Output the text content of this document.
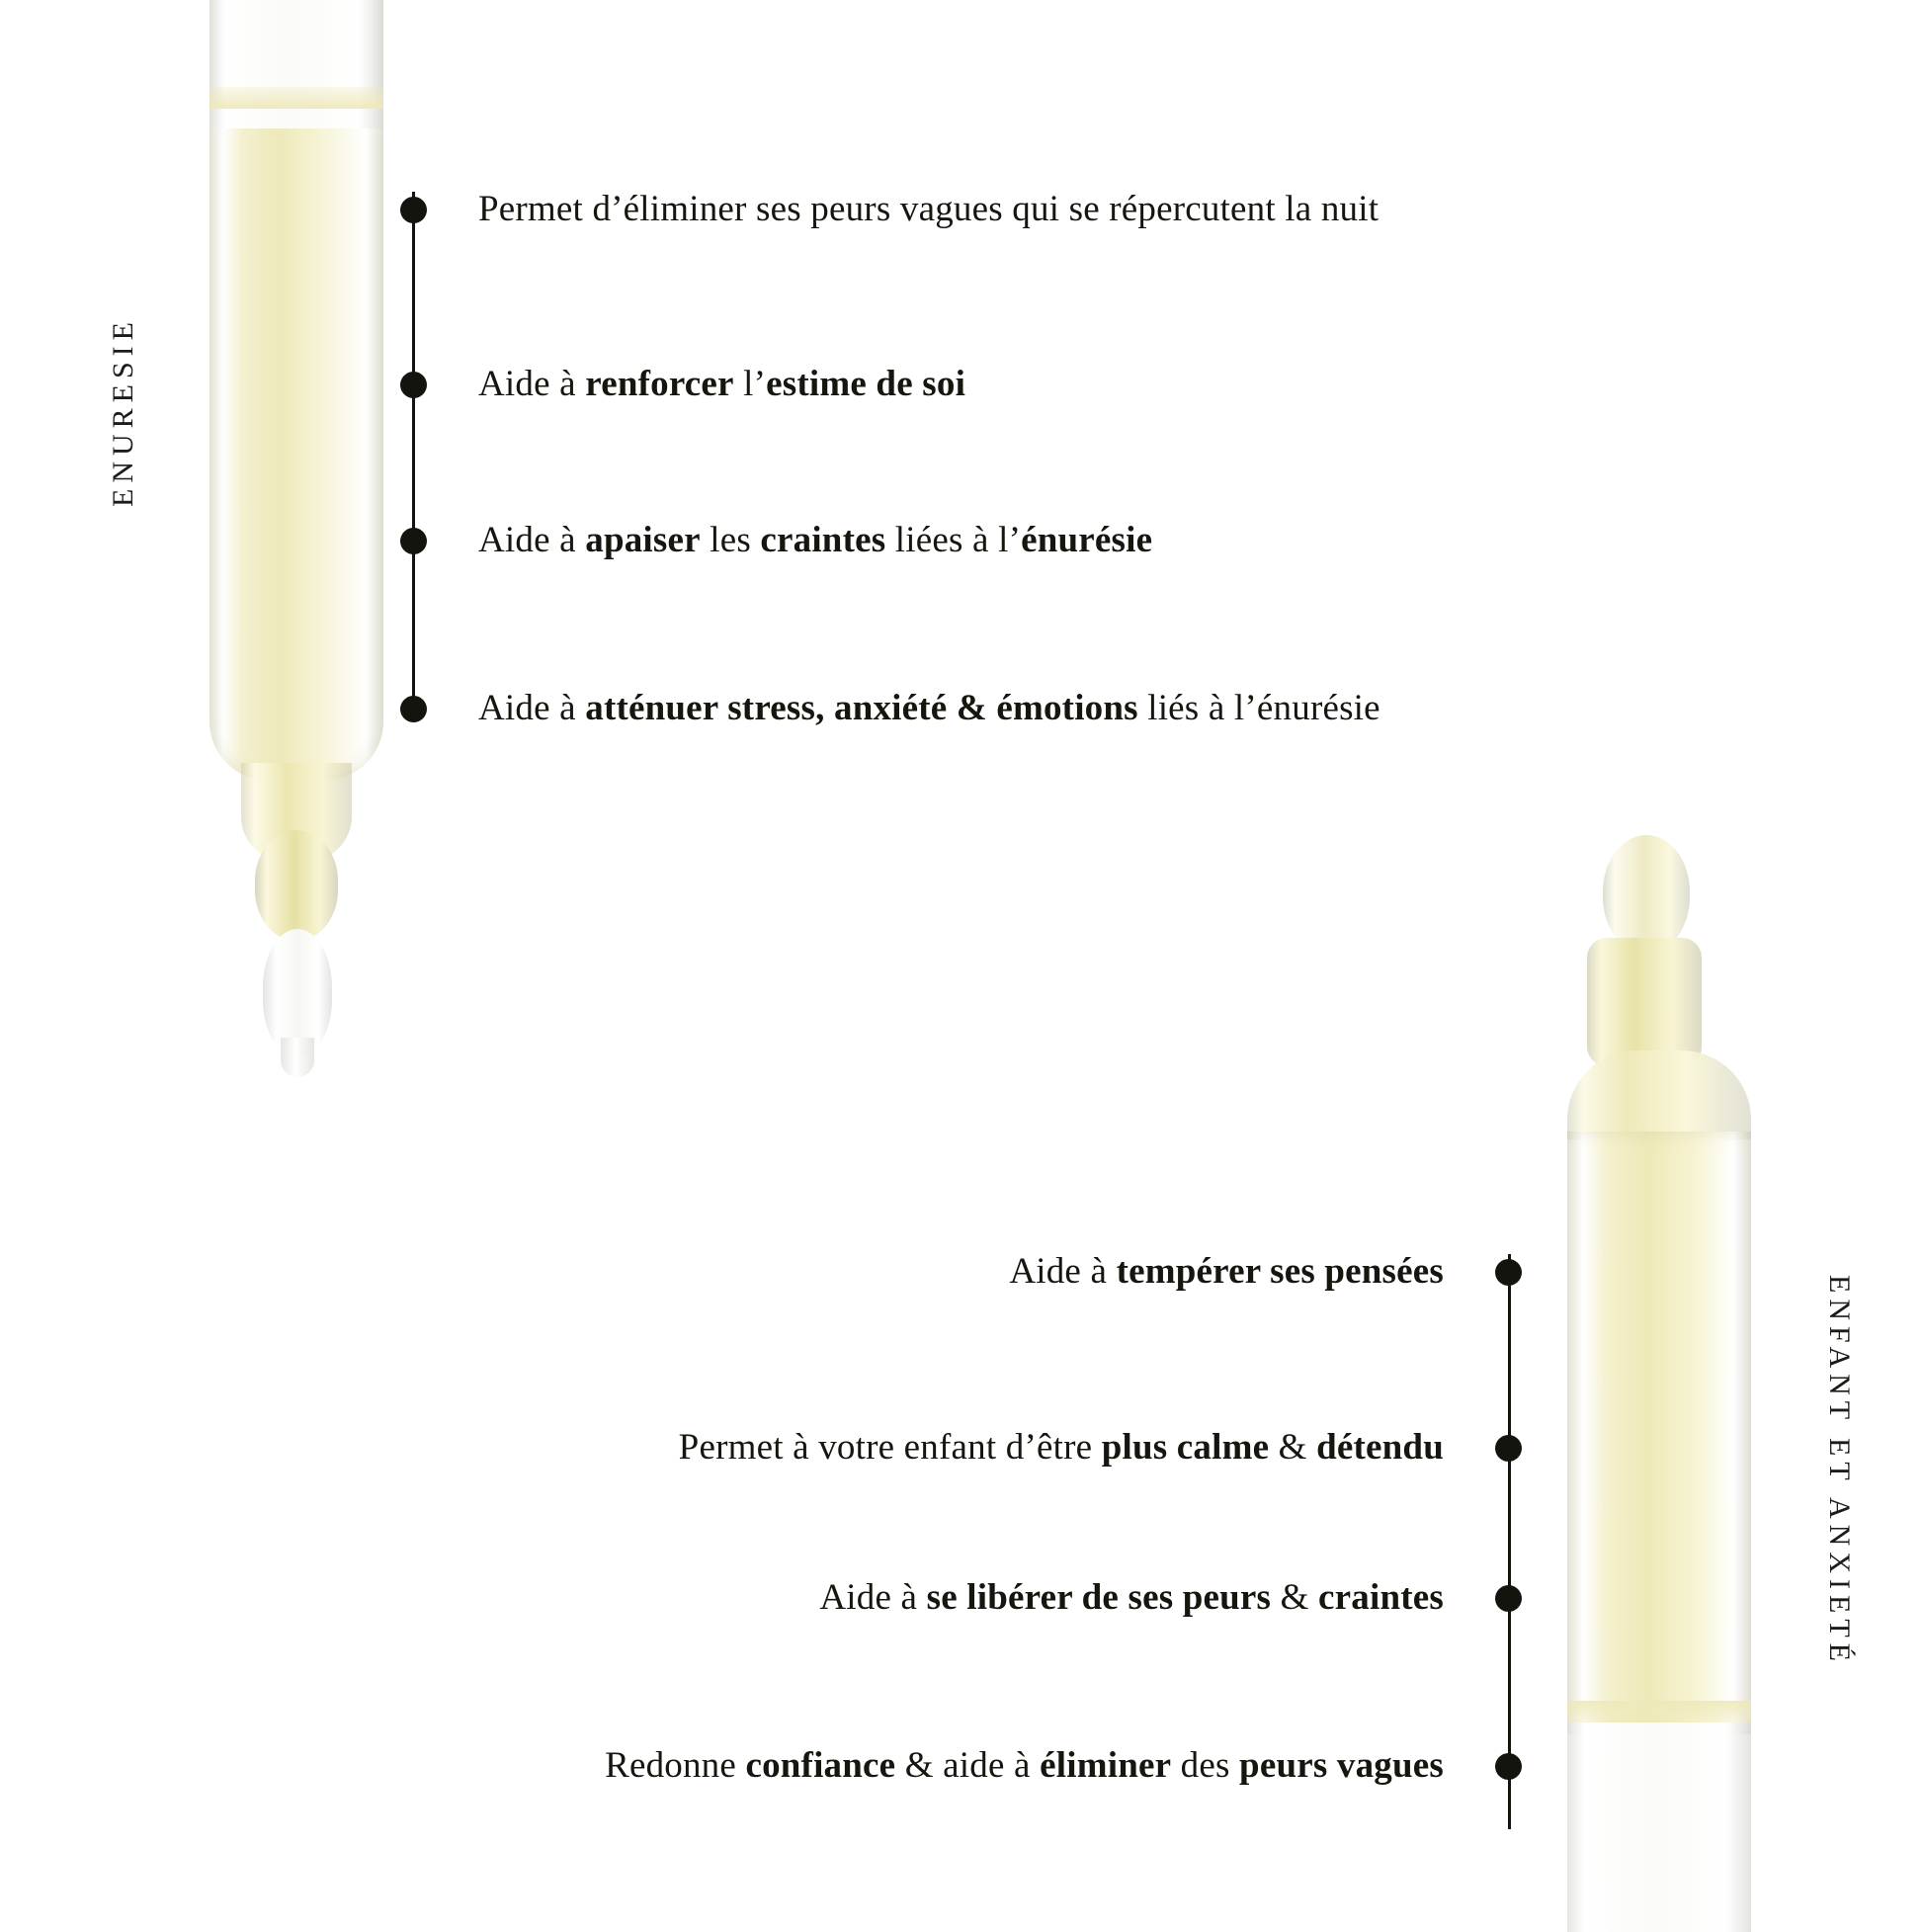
ENURESIE
ENFANT ET ANXIETÉ
Aide à renforcer l’estime de soi
Aide à apaiser les craintes liées à l’énurésie
Permet d’éliminer ses peurs vagues qui se répercutent la nuit
Aide à atténuer stress, anxiété & émotions liés à l’énurésie
Aide à tempérer ses pensées
Permet à votre enfant d’être plus calme & détendu
Aide à se libérer de ses peurs & craintes
Redonne confiance & aide à éliminer des peurs vagues
